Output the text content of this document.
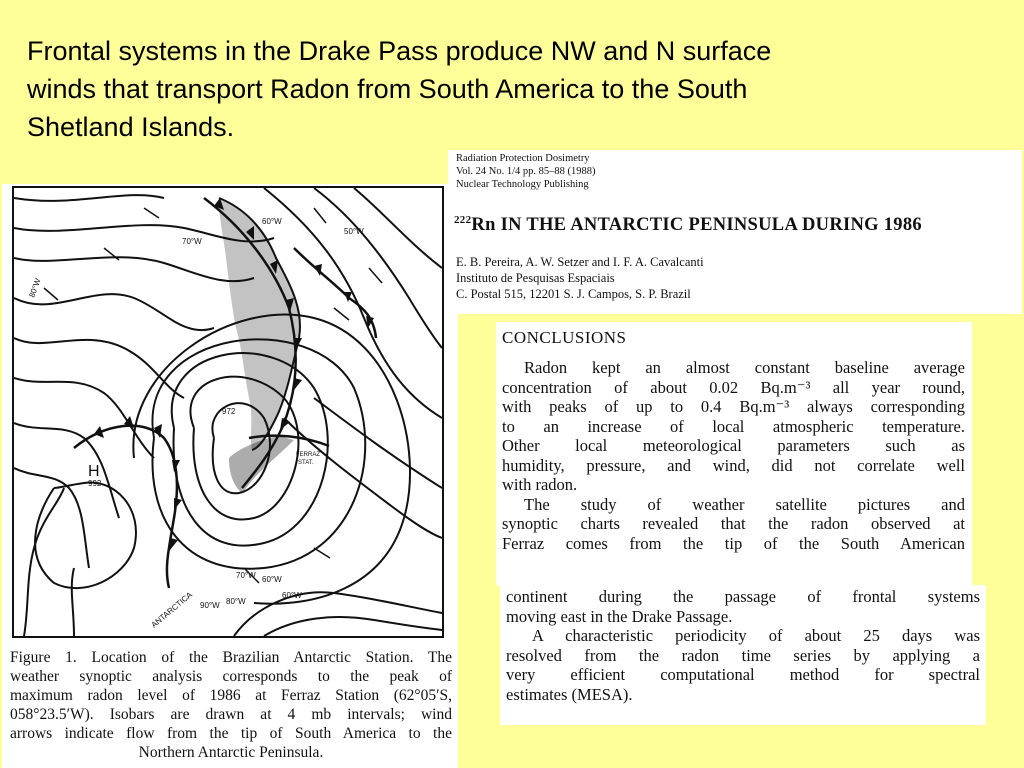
Frontal systems in the Drake Pass produce NW and N surface
winds that transport Radon from South America to the South
Shetland Islands.
H
992
60°W
50°W
70°W
80°W
70°W 60°W
90°W 80°W
60°W
ANTARCTICA
972
FERRAZ
STAT.
Figure 1. Location of the Brazilian Antarctic Station. The
weather synoptic analysis corresponds to the peak of
maximum radon level of 1986 at Ferraz Station (62°05′S,
058°23.5′W). Isobars are drawn at 4 mb intervals; wind
arrows indicate flow from the tip of South America to the
Northern Antarctic Peninsula.
Radiation Protection Dosimetry
Vol. 24 No. 1/4 pp. 85–88 (1988)
Nuclear Technology Publishing
$^{222}$Rn IN THE ANTARCTIC PENINSULA DURING 1986
E. B. Pereira, A. W. Setzer and I. F. A. Cavalcanti
Instituto de Pesquisas Espaciais
C. Postal 515, 12201 S. J. Campos, S. P. Brazil
CONCLUSIONS
Radon kept an almost constant baseline average
concentration of about 0.02 Bq.m⁻³ all year round,
with peaks of up to 0.4 Bq.m⁻³ always corresponding
to an increase of local atmospheric temperature.
Other local meteorological parameters such as
humidity, pressure, and wind, did not correlate well
with radon.
The study of weather satellite pictures and
synoptic charts revealed that the radon observed at
Ferraz comes from the tip of the South American
continent during the passage of frontal systems
moving east in the Drake Passage.
A characteristic periodicity of about 25 days was
resolved from the radon time series by applying a
very efficient computational method for spectral
estimates (MESA).
